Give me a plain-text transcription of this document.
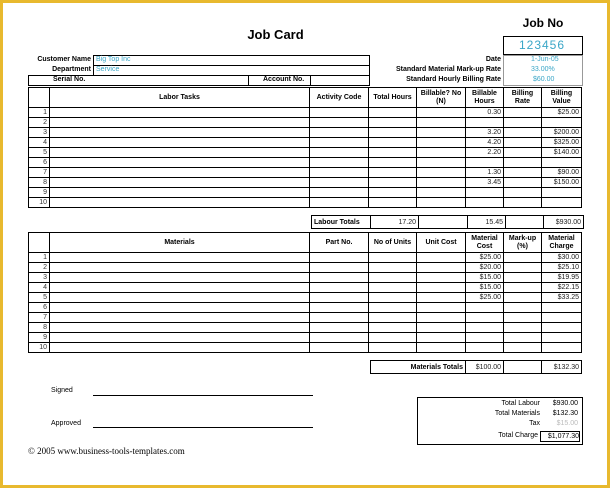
Job Card
Job No
123456
Customer Name Big Top Inc
Department Service
Serial No.	Account No.
Date	1-Jun-05
Standard Material Mark-up Rate	33.00%
Standard Hourly Billing Rate	$60.00
	Labor Tasks	Activity Code	Total Hours	Billable? No (N)	Billable Hours	Billing Rate	Billing Value
1					0.30		$25.00
2							
3					3.20		$200.00
4					4.20		$325.00
5					2.20		$140.00
6							
7					1.30		$90.00
8					3.45		$150.00
9							
10							
Labour Totals	17.20		15.45		$930.00
	Materials	Part No.	No of Units	Unit Cost	Material Cost	Mark-up (%)	Material Charge
1					$25.00		$30.00
2					$20.00		$25.10
3					$15.00		$19.95
4					$15.00		$22.15
5					$25.00		$33.25
6							
7							
8							
9							
10							
Materials Totals	$100.00		$132.30
Signed
Approved
Total Labour	$930.00
Total Materials	$132.30
Tax	$15.00
Total Charge	$1,077.30
© 2005 www.business-tools-templates.com
